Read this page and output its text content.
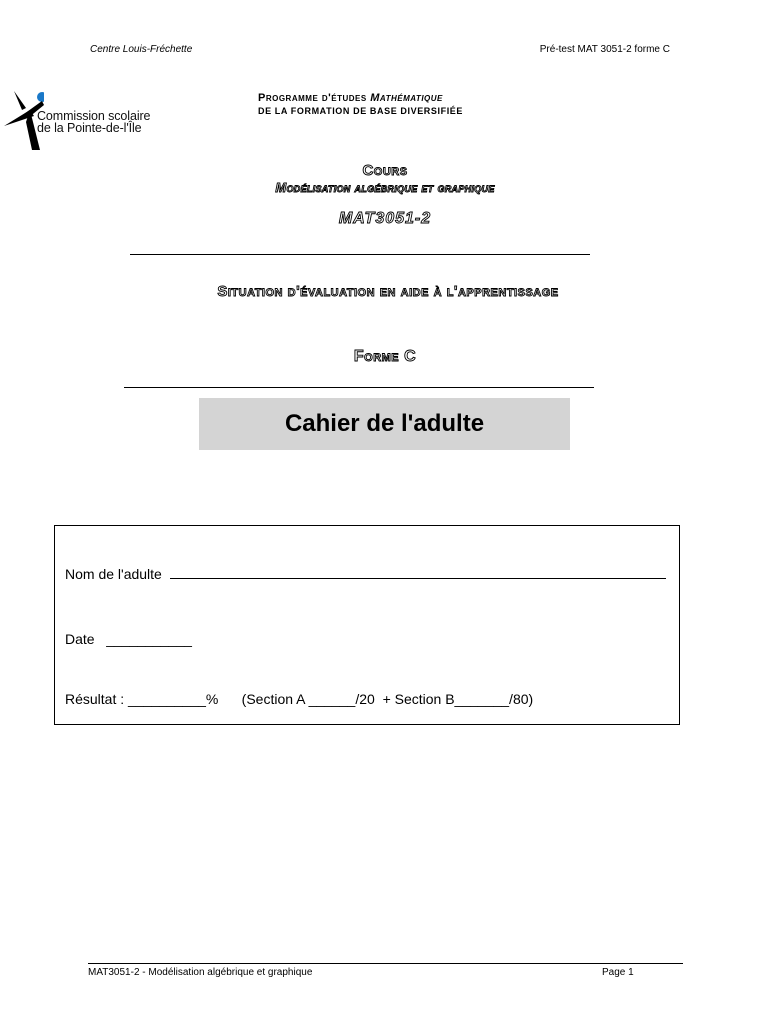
Centre Louis-Fréchette	Pré-test MAT 3051-2 forme C
Commission scolaire
de la Pointe-de-l'Île
Programme d'études Mathématique
DE LA FORMATION DE BASE DIVERSIFIÉE
Cours
Modélisation algébrique et graphique
MAT3051-2
Situation d'évaluation en aide à l'apprentissage
Forme C
Cahier de l'adulte
Nom de l'adulte
Date   ___________
Résultat : __________%      (Section A ______/20  + Section B_______/80)
MAT3051-2 - Modélisation algébrique et graphique	Page 1
